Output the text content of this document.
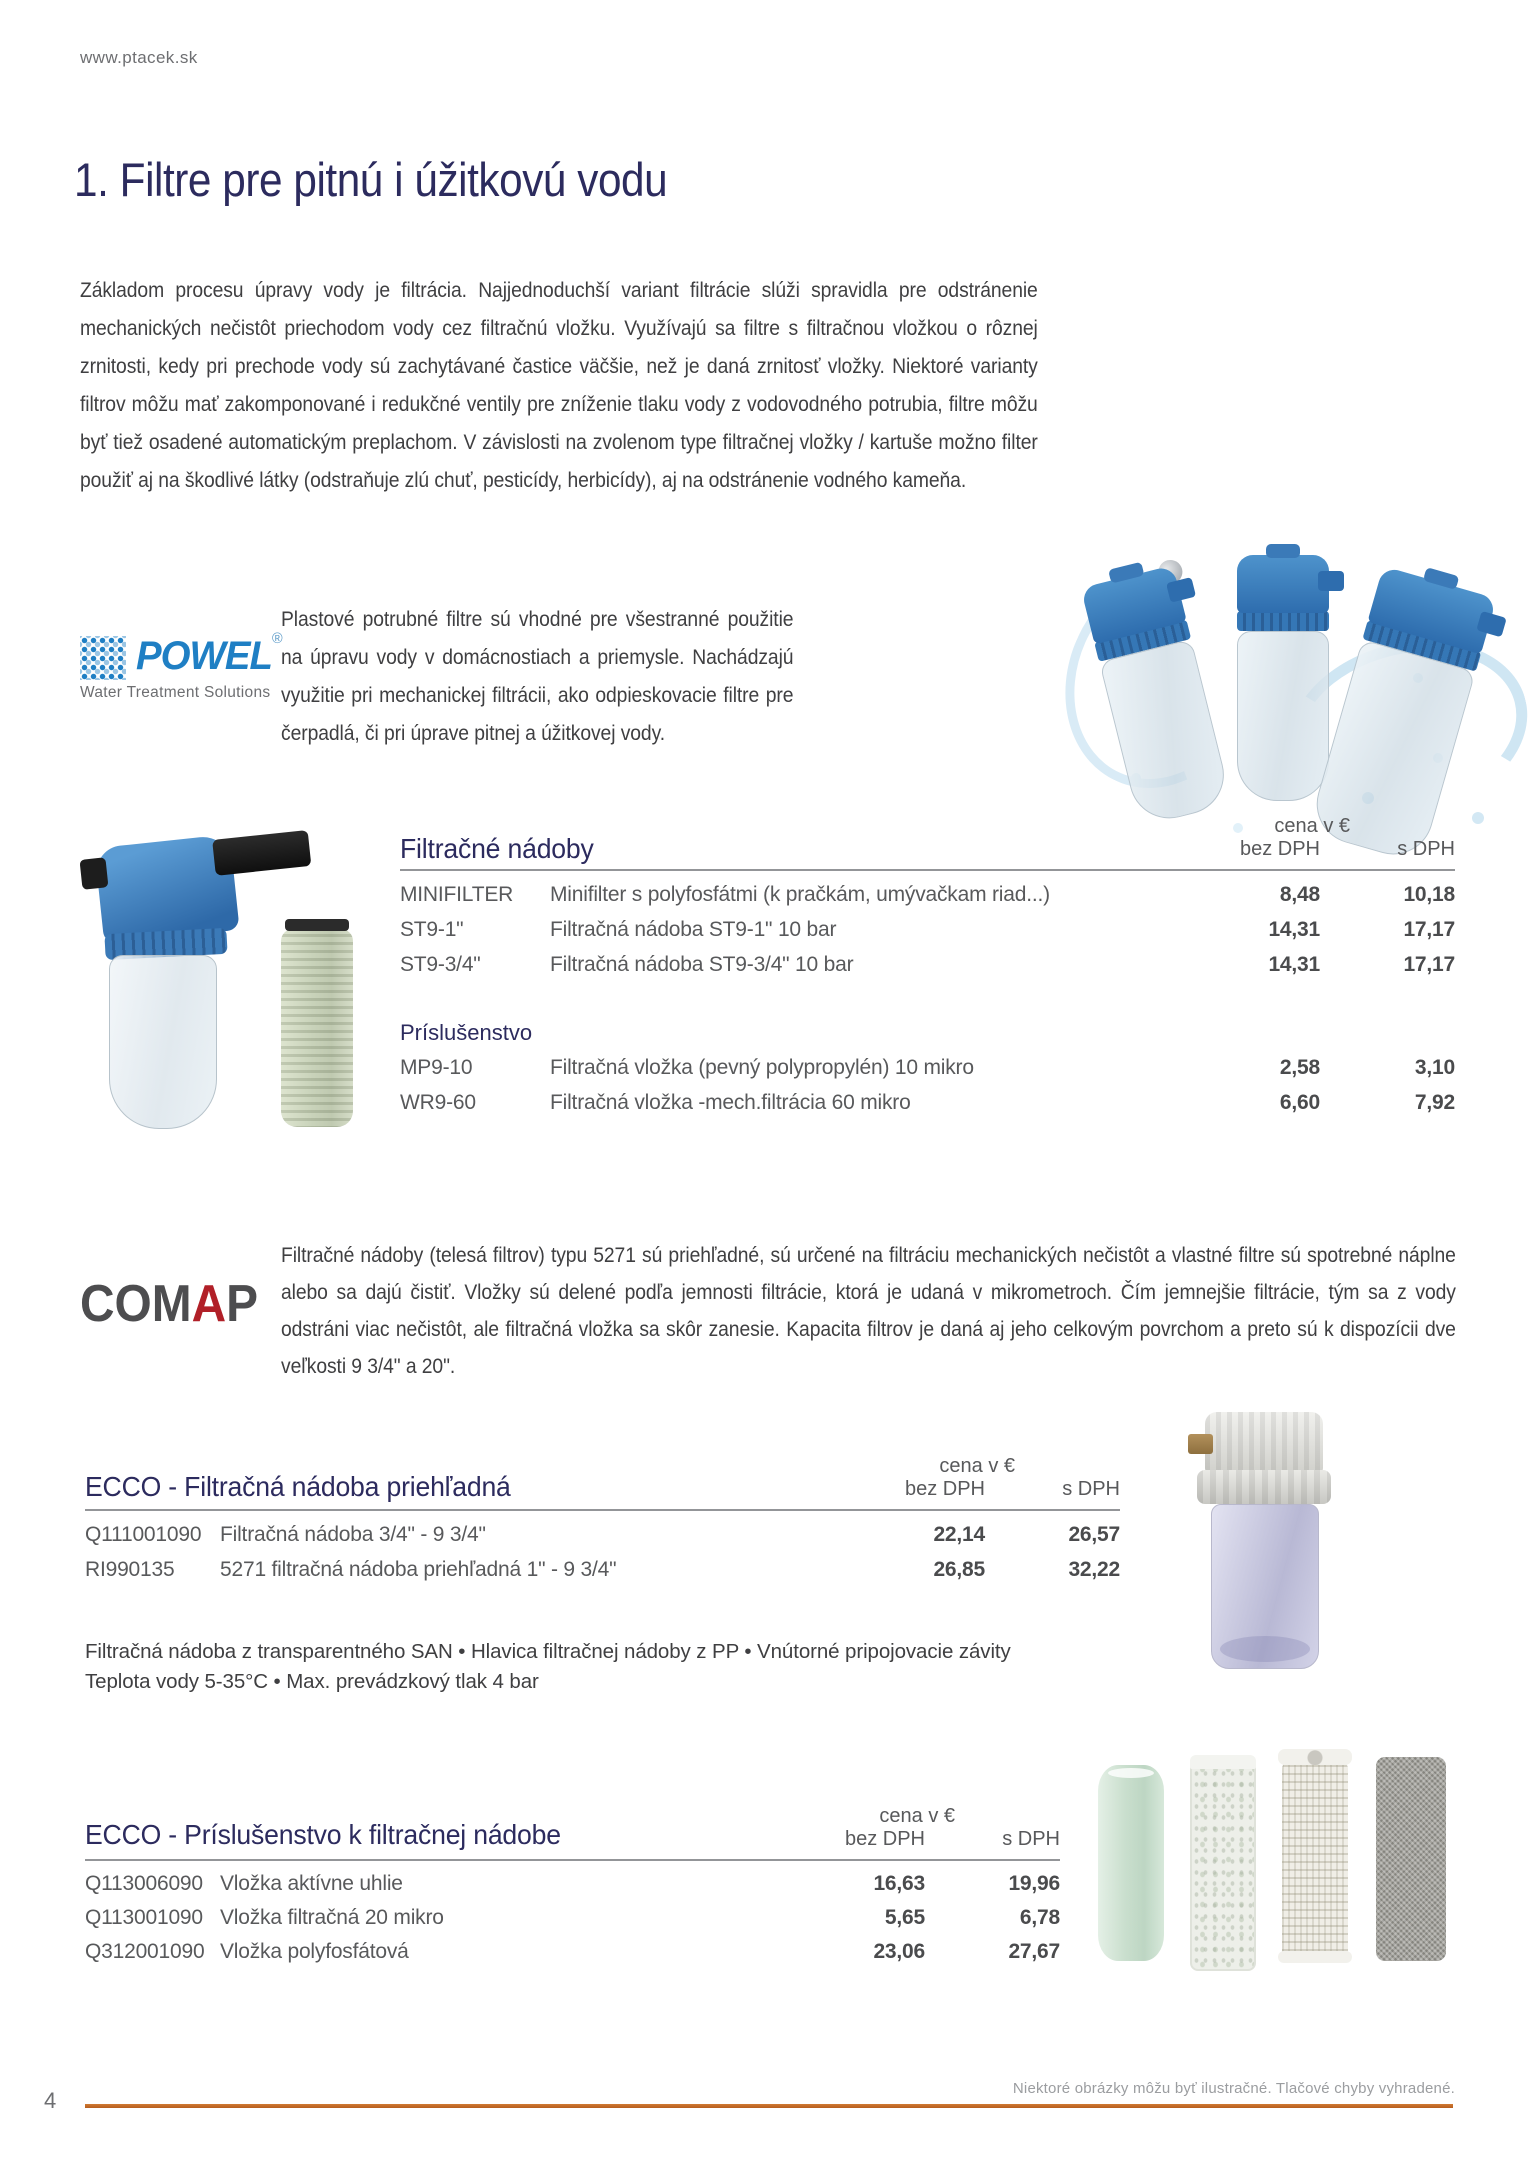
www.ptacek.sk
1. Filtre pre pitnú i úžitkovú vodu

Základom procesu úpravy vody je filtrácia. Najjednoduchší variant filtrácie slúži spravidla pre odstránenie mechanických nečistôt priechodom vody cez filtračnú vložku. Využívajú sa filtre s filtračnou vložkou o rôznej zrnitosti, kedy pri prechode vody sú zachytávané častice väčšie, než je daná zrnitosť vložky. Niektoré varianty filtrov môžu mať zakomponované i redukčné ventily pre zníženie tlaku vody z vodovodného potrubia, filtre môžu byť tiež osadené automatickým preplachom. V závislosti na zvolenom type filtračnej vložky / kartuše možno filter použiť aj na škodlivé látky (odstraňuje zlú chuť, pesticídy, herbicídy), aj na odstránenie vodného kameňa.

POWEL®
Water Treatment Solutions

Plastové potrubné filtre sú vhodné pre všestranné použitie na úpravu vody v domácnostiach a priemysle. Nachádzajú využitie pri mechanickej filtrácii, ako odpieskovacie filtre pre čerpadlá, či pri úprave pitnej a úžitkovej vody.

Filtračné nádoby
cena v €
bez DPH	s DPH
MINIFILTER	Minifilter s polyfosfátmi (k pračkám, umývačkam riad...)	8,48	10,18
ST9-1"	Filtračná nádoba ST9-1" 10 bar	14,31	17,17
ST9-3/4"	Filtračná nádoba ST9-3/4" 10 bar	14,31	17,17
Príslušenstvo
MP9-10	Filtračná vložka (pevný polypropylén) 10 mikro	2,58	3,10
WR9-60	Filtračná vložka -mech.filtrácia 60 mikro	6,60	7,92
COMAP

Filtračné nádoby (telesá filtrov) typu 5271 sú priehľadné, sú určené na filtráciu mechanických nečistôt a vlastné filtre sú spotrebné náplne alebo sa dajú čistiť. Vložky sú delené podľa jemnosti filtrácie, ktorá je udaná v mikrometroch. Čím jemnejšie filtrácie, tým sa z vody odstráni viac nečistôt, ale filtračná vložka sa skôr zanesie. Kapacita filtrov je daná aj jeho celkovým povrchom a preto sú k dispozícii dve veľkosti 9 3/4" a 20".

ECCO - Filtračná nádoba priehľadná
cena v €
bez DPH	s DPH
Q111001090 Filtračná nádoba 3/4" - 9 3/4"	22,14	26,57
RI990135	5271 filtračná nádoba priehľadná 1" - 9 3/4"	26,85	32,22
Filtračná nádoba z transparentného SAN • Hlavica filtračnej nádoby z PP • Vnútorné pripojovacie závity
Teplota vody 5-35°C • Max. prevádzkový tlak 4 bar
ECCO - Príslušenstvo k filtračnej nádobe
cena v €
bez DPH	s DPH
Q113006090 Vložka aktívne uhlie	16,63	19,96
Q113001090 Vložka filtračná 20 mikro	5,65	6,78
Q312001090 Vložka polyfosfátová	23,06	27,67
4	Niektoré obrázky môžu byť ilustračné. Tlačové chyby vyhradené.
